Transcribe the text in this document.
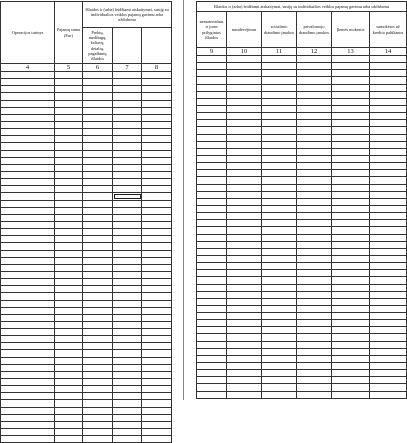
Operacijos turinys	Pajamų suma (Eur)	Išlaidos ir (arba) leidžiami atskaitymai, susiję su individualios veiklos pajamų gavimu arba uždirbimu		

		Prekių, medžiagų, žaliavų, detalių, pagalbinių išlaidos		

4	5	6	7	8

Išlaidos ir (arba) leidžiami atskaitymai, susiję su individualios veiklos pajamų gavimu arba uždirbimu					

nematerialaus ir joms prilygintos išlaidos	nusidėvėjimas	socialinio draudimo įmokos	privalomojo draudimo įmokos	Įlemės mokestis	sumokėtos už kredito palūkanos

9	10	11	12	13	14
